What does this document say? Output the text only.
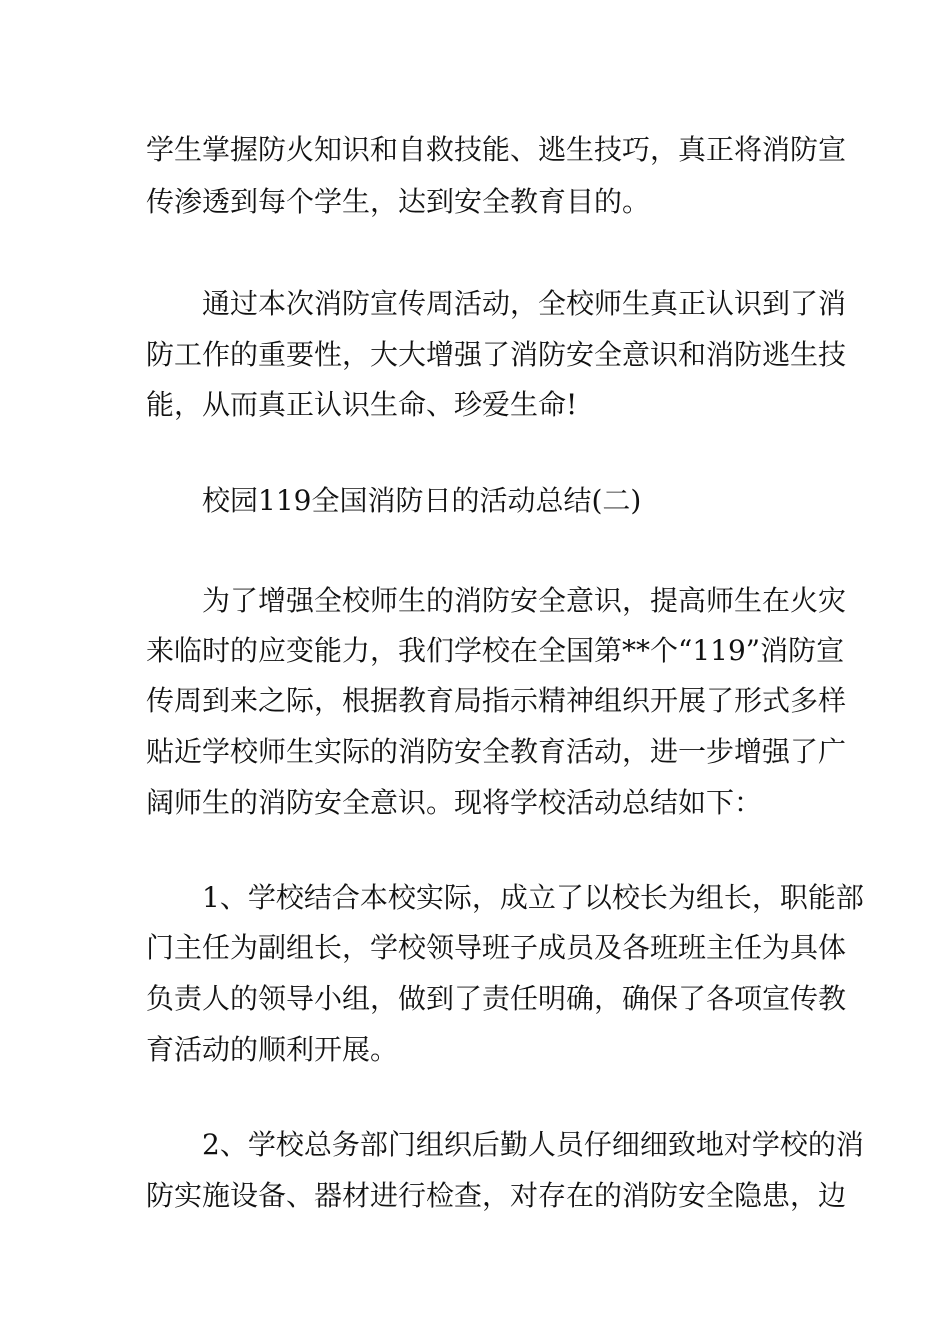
学生掌握防火知识和自救技能、逃生技巧，真正将消防宣
传渗透到每个学生，达到安全教育目的。
通过本次消防宣传周活动，全校师生真正认识到了消
防工作的重要性，大大增强了消防安全意识和消防逃生技
能，从而真正认识生命、珍爱生命!
校园119全国消防日的活动总结(二)
为了增强全校师生的消防安全意识，提高师生在火灾
来临时的应变能力，我们学校在全国第**个“119”消防宣
传周到来之际，根据教育局指示精神组织开展了形式多样
贴近学校师生实际的消防安全教育活动，进一步增强了广
阔师生的消防安全意识。现将学校活动总结如下：
1、学校结合本校实际，成立了以校长为组长，职能部
门主任为副组长，学校领导班子成员及各班班主任为具体
负责人的领导小组，做到了责任明确，确保了各项宣传教
育活动的顺利开展。
2、学校总务部门组织后勤人员仔细细致地对学校的消
防实施设备、器材进行检查，对存在的消防安全隐患，边
